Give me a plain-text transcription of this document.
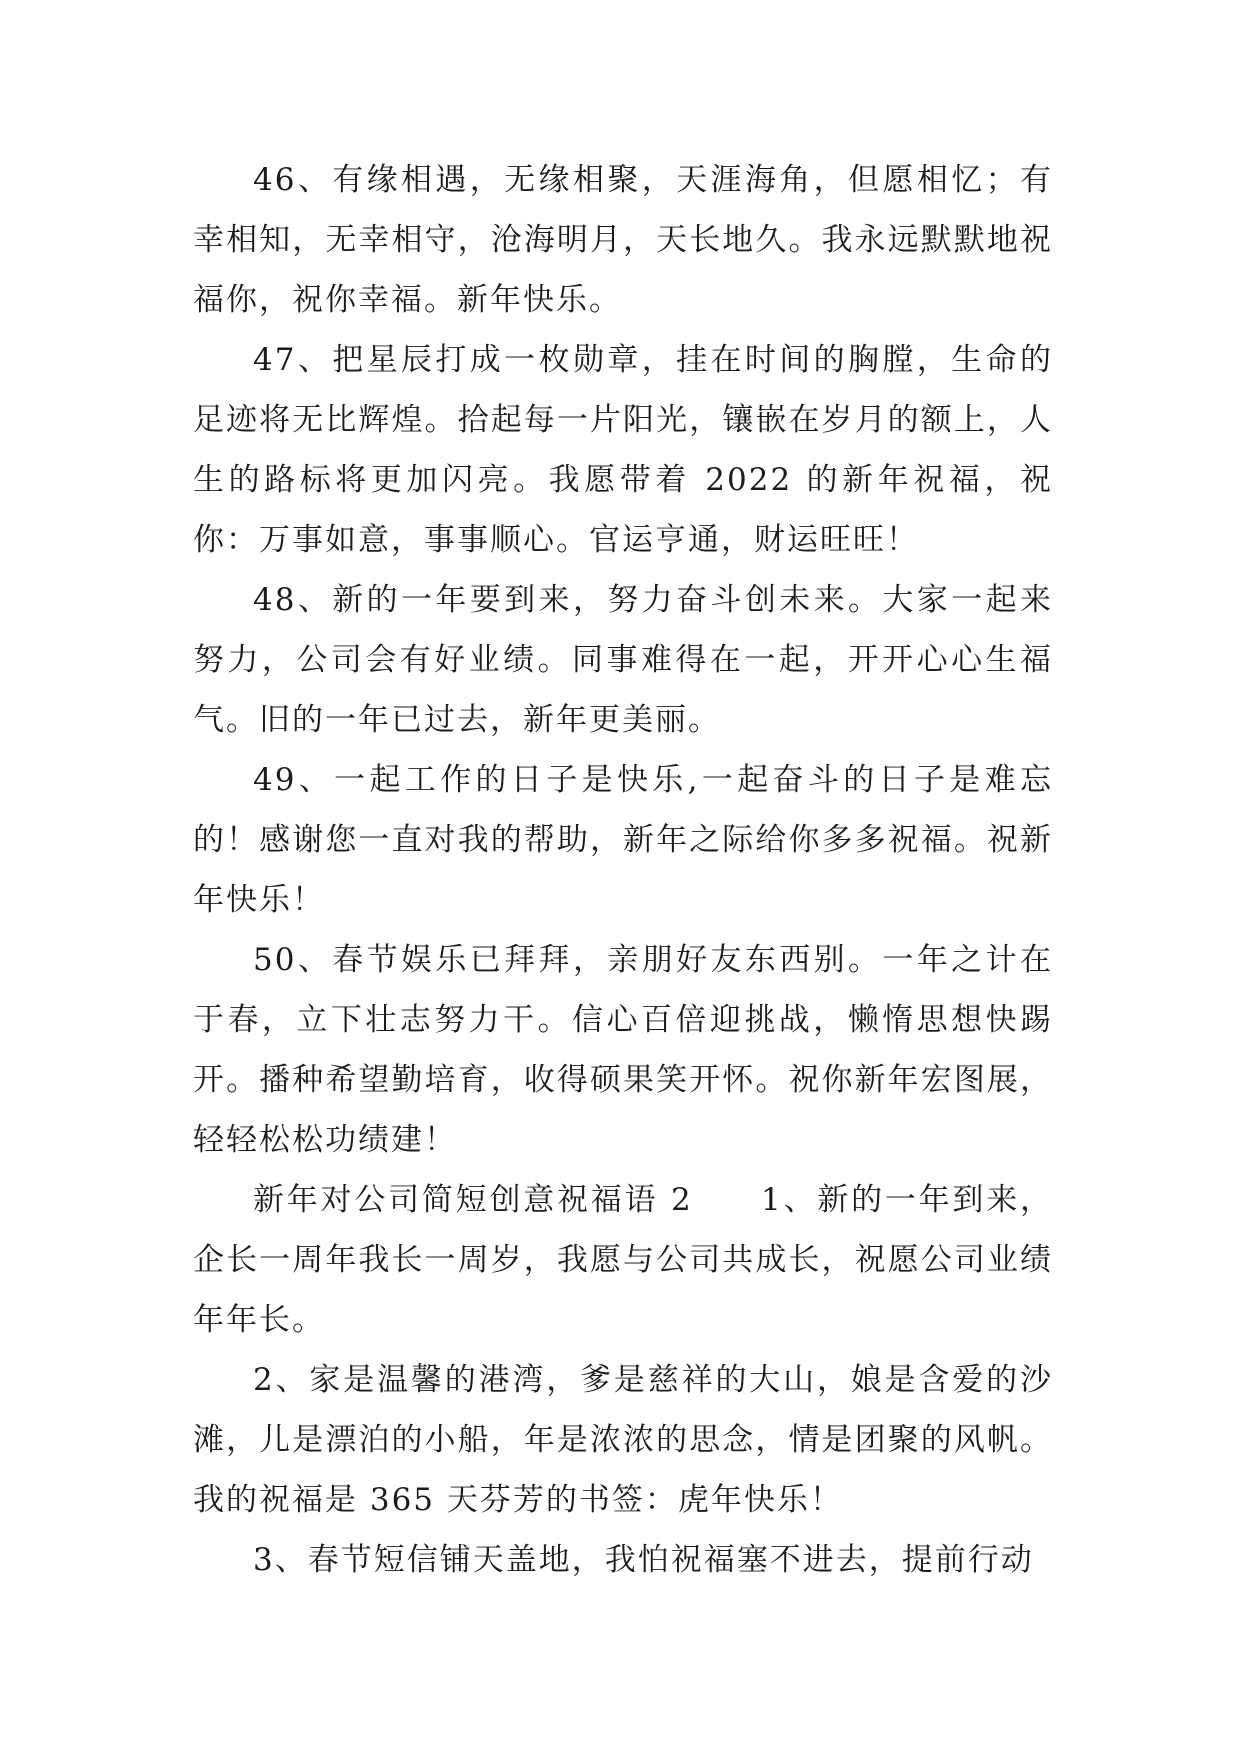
46、有缘相遇，无缘相聚，天涯海角，但愿相忆；有幸相知，无幸相守，沧海明月，天长地久。我永远默默地祝福你，祝你幸福。新年快乐。

47、把星辰打成一枚勋章，挂在时间的胸膛，生命的足迹将无比辉煌。拾起每一片阳光，镶嵌在岁月的额上，人生的路标将更加闪亮。我愿带着 2022 的新年祝福，祝你：万事如意，事事顺心。官运亨通，财运旺旺！

48、新的一年要到来，努力奋斗创未来。大家一起来努力，公司会有好业绩。同事难得在一起，开开心心生福气。旧的一年已过去，新年更美丽。

49、一起工作的日子是快乐,一起奋斗的日子是难忘的！感谢您一直对我的帮助，新年之际给你多多祝福。祝新年快乐！

50、春节娱乐已拜拜，亲朋好友东西别。一年之计在于春，立下壮志努力干。信心百倍迎挑战，懒惰思想快踢开。播种希望勤培育，收得硕果笑开怀。祝你新年宏图展，轻轻松松功绩建！

新年对公司简短创意祝福语 2　　1、新的一年到来，企长一周年我长一周岁，我愿与公司共成长，祝愿公司业绩年年长。

2、家是温馨的港湾，爹是慈祥的大山，娘是含爱的沙滩，儿是漂泊的小船，年是浓浓的思念，情是团聚的风帆。我的祝福是 365 天芬芳的书签：虎年快乐！

3、春节短信铺天盖地，我怕祝福塞不进去，提前行动
